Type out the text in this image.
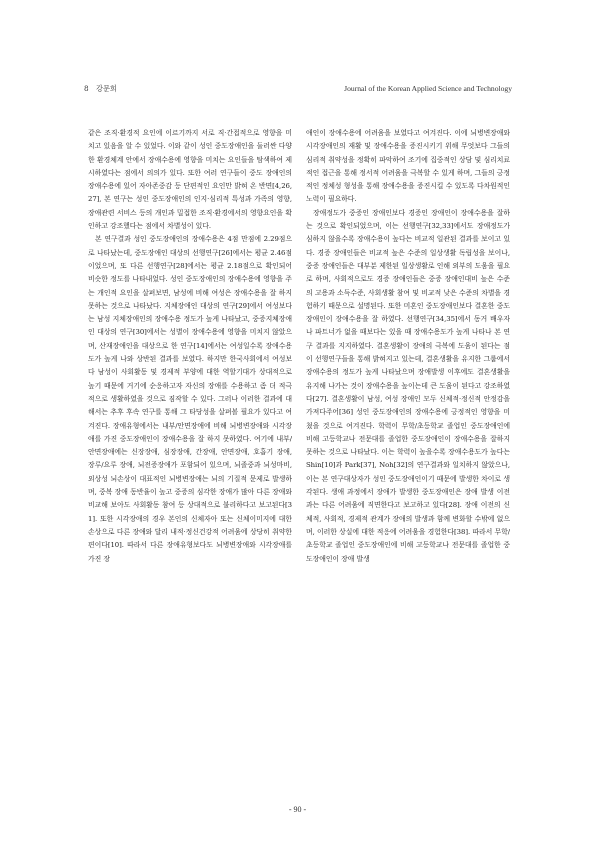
8 강문희	Journal of the Korean Applied Science and Technology

같은 조직·환경적 요인에 이르기까지 서로 직·간접적으로 영향을 미치고 있음을 알 수 있었다. 이와 같이 성인 중도장애인을 둘러싼 다양한 환경체계 안에서 장애수용에 영향을 미치는 요인들을 탐색하여 제시하였다는 점에서 의의가 있다. 또한 여러 연구들이 중도 장애인의 장애수용에 있어 자아존중감 등 단편적인 요인만 밝혀 온 반면[4,26,27], 본 연구는 성인 중도장애인의 인지·심리적 특성과 가족의 영향, 장애관련 서비스 등의 개인과 밀접한 조직·환경에서의 영향요인을 확인하고 강조했다는 점에서 차별성이 있다.

본 연구결과 성인 중도장애인의 장애수용은 4점 만점에 2.29점으로 나타났는데, 중도장애인 대상의 선행연구[26]에서는 평균 2.46점이었으며, 또 다른 선행연구[28]에서는 평균 2.18점으로 확인되어 비슷한 정도를 나타내었다. 성인 중도장애인의 장애수용에 영향을 주는 개인적 요인을 살펴보면, 남성에 비해 여성은 장애수용을 잘 하지 못하는 것으로 나타났다. 지체장애인 대상의 연구[29]에서 여성보다는 남성 지체장애인의 장애수용 정도가 높게 나타났고, 중증지체장애인 대상의 연구[30]에서는 성별이 장애수용에 영향을 미치지 않았으며, 산재장애인을 대상으로 한 연구[14]에서는 여성일수록 장애수용도가 높게 나와 상반된 결과를 보였다. 하지만 한국사회에서 여성보다 남성이 사회활동 및 경제적 부양에 대한 역할기대가 상대적으로 높기 때문에 거기에 순응하고자 자신의 장애를 수용하고 좀 더 적극적으로 생활하였을 것으로 짐작할 수 있다. 그러나 이러한 결과에 대해서는 추후 후속 연구를 통해 그 타당성을 살펴볼 필요가 있다고 여겨진다. 장애유형에서는 내부/안면장애에 비해 뇌병변장애와 시각장애를 가진 중도장애인이 장애수용을 잘 하지 못하였다. 여기에 내부/안면장애에는 신장장애, 심장장애, 간장애, 안면장애, 호흡기 장애, 장루/요루 장애, 뇌전증장애가 포함되어 있으며, 뇌졸중과 뇌성마비, 외상성 뇌손상이 대표적인 뇌병변장애는 뇌의 기질적 문제로 발생하며, 중복 장애 동반율이 높고 중증의 심각한 장애가 많아 다른 장애와 비교해 보아도 사회활동 참여 등 상대적으로 불리하다고 보고된다[31]. 또한 시각장애의 경우 본인의 신체자아 또는 신체이미지에 대한 손상으로 다른 장애와 달리 내적·정신건강적 어려움에 상당히 취약한 편이다[10]. 따라서 다른 장애유형보다도 뇌병변장애와 시각장애를 가진 장

애인이 장애수용에 어려움을 보였다고 여겨진다. 이에 뇌병변장애와 시각장애인의 재활 및 장애수용을 증진시키기 위해 무엇보다 그들의 심리적 취약성을 정확히 파악하여 조기에 집중적인 상담 및 심리치료적인 접근을 통해 정서적 어려움을 극복할 수 있게 하며, 그들의 긍정적인 정체성 형성을 통해 장애수용을 증진시킬 수 있도록 다차원적인 노력이 필요하다.

장애정도가 중증인 장애인보다 경증인 장애인이 장애수용을 잘하는 것으로 확인되었으며, 이는 선행연구[32,33]에서도 장애정도가 심하지 않을수록 장애수용이 높다는 비교적 일관된 결과를 보이고 있다. 경증 장애인들은 비교적 높은 수준의 일상생활 독립성을 보이나, 중증 장애인들은 대부분 제한된 일상생활로 인해 외부의 도움을 필요로 하며, 사회적으로도 경증 장애인들은 중증 장애인대비 높은 수준의 고용과 소득수준, 사회생활 참여 및 비교적 낮은 수준의 차별을 경험하기 때문으로 설명된다. 또한 미혼인 중도장애인보다 결혼한 중도장애인이 장애수용을 잘 하였다. 선행연구[34,35]에서 동거 배우자나 파트너가 없을 때보다는 있을 때 장애수용도가 높게 나타나 본 연구 결과를 지지하였다. 결혼생활이 장애의 극복에 도움이 된다는 점이 선행연구들을 통해 밝혀지고 있는데, 결혼생활을 유지한 그룹에서 장애수용의 정도가 높게 나타났으며 장애발생 이후에도 결혼생활을 유지해 나가는 것이 장애수용을 높이는데 큰 도움이 된다고 강조하였다[27]. 결혼생활이 남성, 여성 장애인 모두 신체적·정신적 안정감을 가져다주어[36] 성인 중도장애인의 장애수용에 긍정적인 영향을 미쳤을 것으로 여겨진다. 학력이 무학/초등학교 졸업인 중도장애인에 비해 고등학교나 전문대를 졸업한 중도장애인이 장애수용을 잘하지 못하는 것으로 나타났다. 이는 학력이 높을수록 장애수용도가 높다는 Shin[10]과 Park[37], Noh[32]의 연구결과와 일치하지 않았으나, 이는 본 연구대상자가 성인 중도장애인이기 때문에 발생한 차이로 생각된다. 생애 과정에서 장애가 발생한 중도장애인은 장애 발생 이전과는 다른 어려움에 직면한다고 보고하고 있다[28]. 장애 이전의 신체적, 사회적, 경제적 관계가 장애의 발생과 함께 변화할 수밖에 없으며, 이러한 상실에 대한 적응에 어려움을 경험한다[38]. 따라서 무학/초등학교 졸업인 중도장애인에 비해 고등학교나 전문대를 졸업한 중도장애인이 장애 발생

- 90 -
